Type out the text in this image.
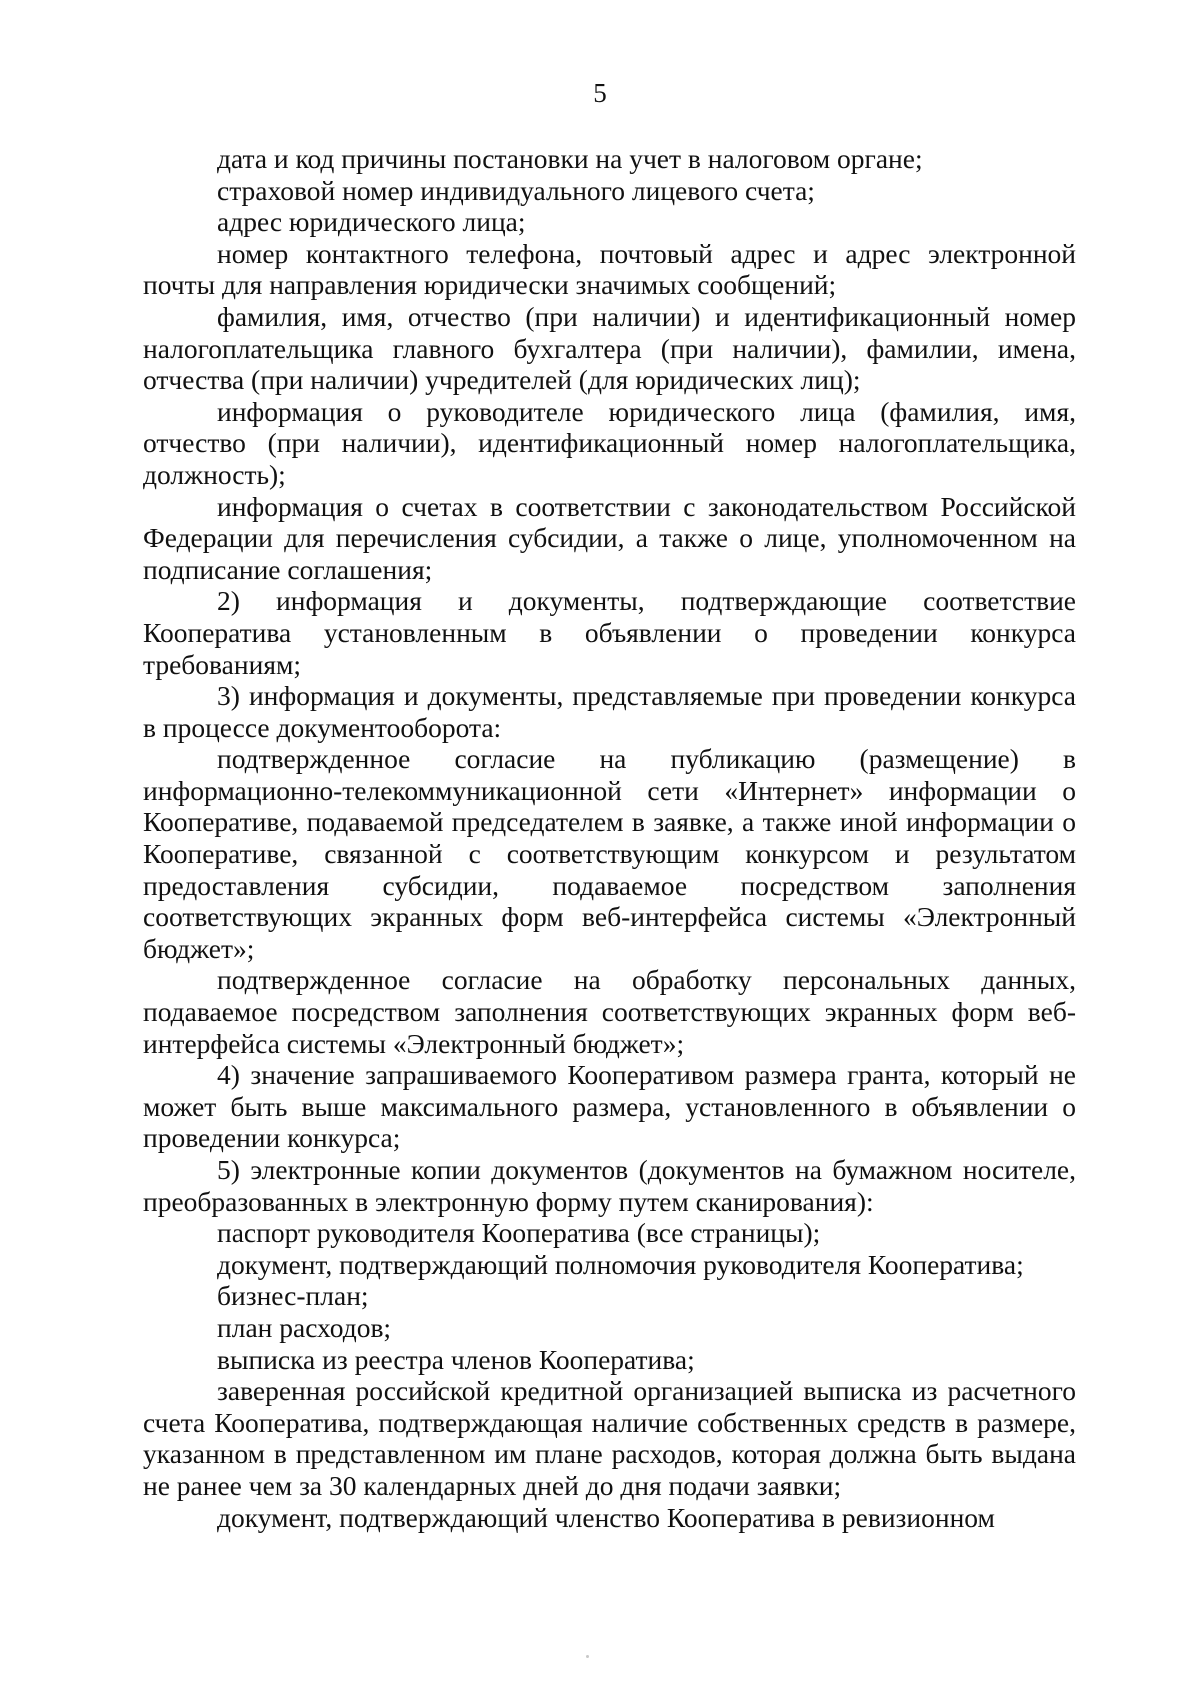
5

дата и код причины постановки на учет в налоговом органе;

страховой номер индивидуального лицевого счета;

адрес юридического лица;

номер контактного телефона, почтовый адрес и адрес электронной почты для направления юридически значимых сообщений;

фамилия, имя, отчество (при наличии) и идентификационный номер налогоплательщика главного бухгалтера (при наличии), фамилии, имена, отчества (при наличии) учредителей (для юридических лиц);

информация о руководителе юридического лица (фамилия, имя, отчество (при наличии), идентификационный номер налогоплательщика, должность);

информация о счетах в соответствии с законодательством Российской Федерации для перечисления субсидии, а также о лице, уполномоченном на подписание соглашения;

2) информация и документы, подтверждающие соответствие Кооператива установленным в объявлении о проведении конкурса требованиям;

3) информация и документы, представляемые при проведении конкурса в процессе документооборота:

подтвержденное согласие на публикацию (размещение) в информационно-телекоммуникационной сети «Интернет» информации о Кооперативе, подаваемой председателем в заявке, а также иной информации о Кооперативе, связанной с соответствующим конкурсом и результатом предоставления субсидии, подаваемое посредством заполнения соответствующих экранных форм веб-интерфейса системы «Электронный бюджет»;

подтвержденное согласие на обработку персональных данных, подаваемое посредством заполнения соответствующих экранных форм веб-интерфейса системы «Электронный бюджет»;

4) значение запрашиваемого Кооперативом размера гранта, который не может быть выше максимального размера, установленного в объявлении о проведении конкурса;

5) электронные копии документов (документов на бумажном носителе, преобразованных в электронную форму путем сканирования):

паспорт руководителя Кооператива (все страницы);

документ, подтверждающий полномочия руководителя Кооператива;

бизнес-план;

план расходов;

выписка из реестра членов Кооператива;

заверенная российской кредитной организацией выписка из расчетного счета Кооператива, подтверждающая наличие собственных средств в размере, указанном в представленном им плане расходов, которая должна быть выдана не ранее чем за 30 календарных дней до дня подачи заявки;

документ, подтверждающий членство Кооператива в ревизионном
